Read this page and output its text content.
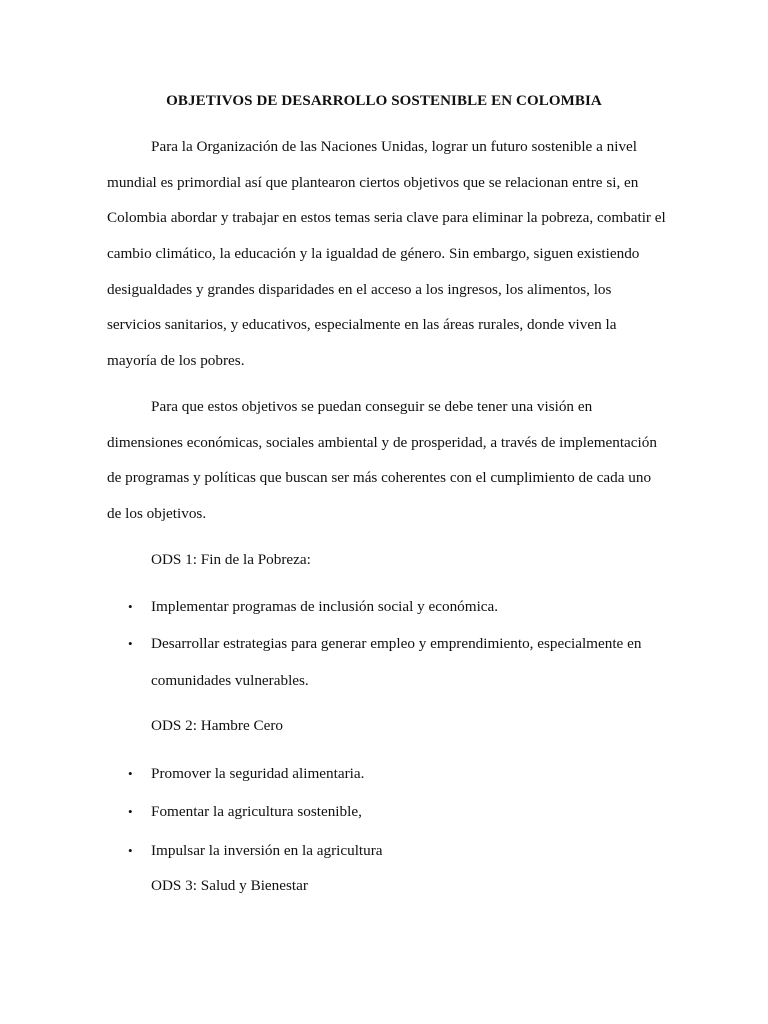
OBJETIVOS DE DESARROLLO SOSTENIBLE EN COLOMBIA

Para la Organización de las Naciones Unidas, lograr un futuro sostenible a nivel

mundial es primordial así que plantearon ciertos objetivos que se relacionan entre si, en

Colombia abordar y trabajar en estos temas seria clave para eliminar la pobreza, combatir el

cambio climático, la educación y la igualdad de género. Sin embargo, siguen existiendo

desigualdades y grandes disparidades en el acceso a los ingresos, los alimentos, los

servicios sanitarios, y educativos, especialmente en las áreas rurales, donde viven la

mayoría de los pobres.

Para que estos objetivos se puedan conseguir se debe tener una visión en

dimensiones económicas, sociales ambiental y de prosperidad, a través de implementación

de programas y políticas que buscan ser más coherentes con el cumplimiento de cada uno

de los objetivos.

ODS 1: Fin de la Pobreza:

• Implementar programas de inclusión social y económica.

• Desarrollar estrategias para generar empleo y emprendimiento, especialmente en

comunidades vulnerables.

ODS 2: Hambre Cero

• Promover la seguridad alimentaria.

• Fomentar la agricultura sostenible,

• Impulsar la inversión en la agricultura

ODS 3: Salud y Bienestar
